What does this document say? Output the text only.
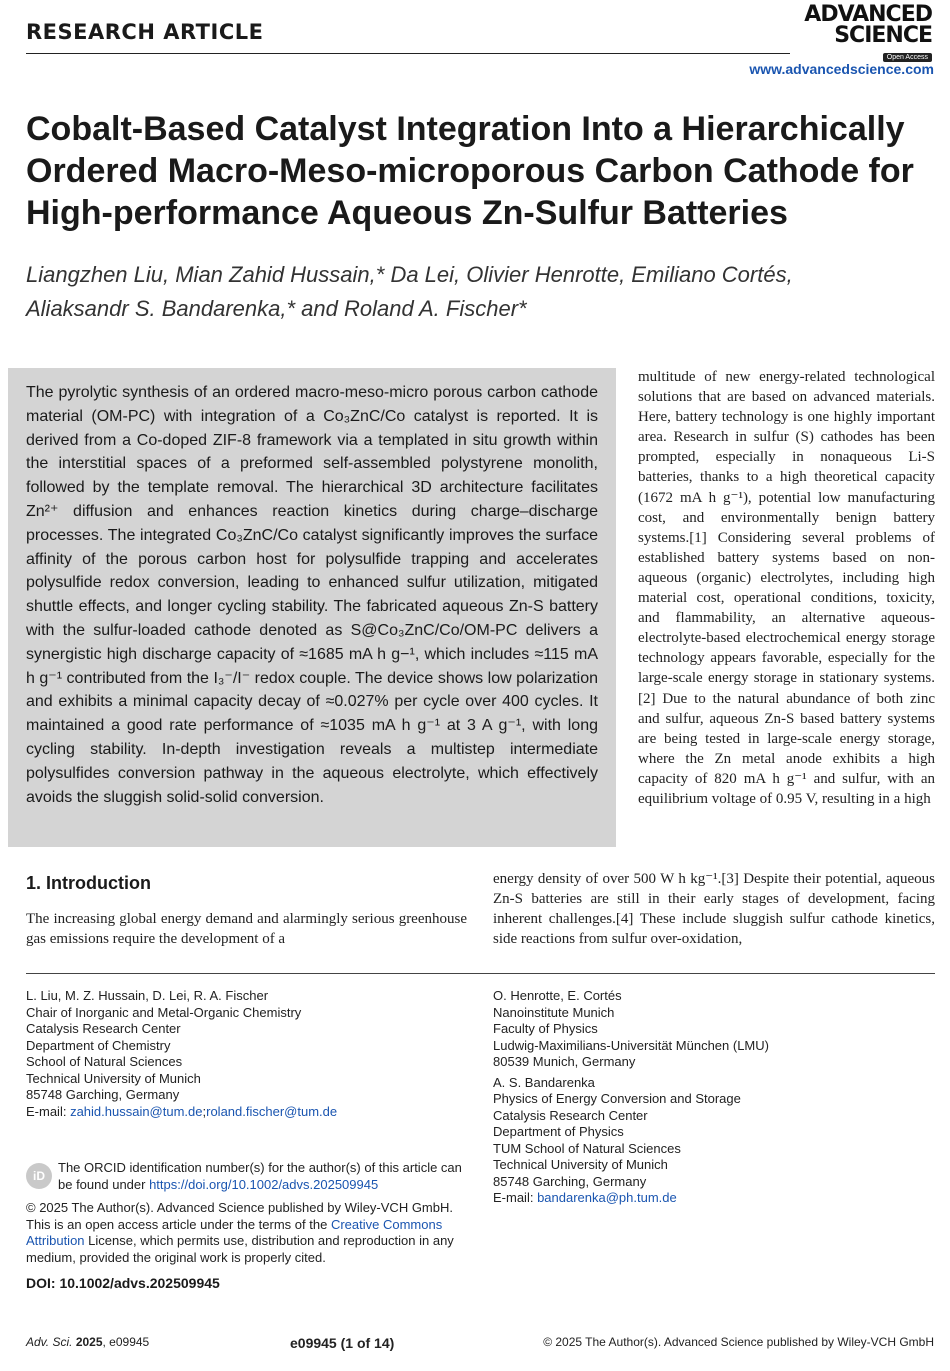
RESEARCH ARTICLE
ADVANCED
SCIENCE
Open Access
www.advancedscience.com
Cobalt-Based Catalyst Integration Into a Hierarchically
Ordered Macro-Meso-microporous Carbon Cathode for
High-performance Aqueous Zn-Sulfur Batteries
Liangzhen Liu, Mian Zahid Hussain,* Da Lei, Olivier Henrotte, Emiliano Cortés,
Aliaksandr S. Bandarenka,* and Roland A. Fischer*

The pyrolytic synthesis of an ordered macro-meso-micro porous carbon cathode material (OM-PC) with integration of a Co₃ZnC/Co catalyst is reported. It is derived from a Co-doped ZIF-8 framework via a templated in situ growth within the interstitial spaces of a preformed self-assembled polystyrene monolith, followed by the template removal. The hierarchical 3D architecture facilitates Zn²⁺ diffusion and enhances reaction kinetics during charge–discharge processes. The integrated Co₃ZnC/Co catalyst significantly improves the surface affinity of the porous carbon host for polysulfide trapping and accelerates polysulfide redox conversion, leading to enhanced sulfur utilization, mitigated shuttle effects, and longer cycling stability. The fabricated aqueous Zn-S battery with the sulfur-loaded cathode denoted as S@Co₃ZnC/Co/OM-PC delivers a synergistic high discharge capacity of ≈1685 mA h g−¹, which includes ≈115 mA h g⁻¹ contributed from the I₃⁻/I⁻ redox couple. The device shows low polarization and exhibits a minimal capacity decay of ≈0.027% per cycle over 400 cycles. It maintained a good rate performance of ≈1035 mA h g⁻¹ at 3 A g⁻¹, with long cycling stability. In-depth investigation reveals a multistep intermediate polysulfides conversion pathway in the aqueous electrolyte, which effectively avoids the sluggish solid-solid conversion.

multitude of new energy-related technological solutions that are based on advanced materials. Here, battery technology is one highly important area. Research in sulfur (S) cathodes has been prompted, especially in nonaqueous Li-S batteries, thanks to a high theoretical capacity (1672 mA h g⁻¹), potential low manufacturing cost, and environmentally benign battery systems.[1] Considering several problems of established battery systems based on non-aqueous (organic) electrolytes, including high material cost, operational conditions, toxicity, and flammability, an alternative aqueous-electrolyte-based electrochemical energy storage technology appears favorable, especially for the large-scale energy storage in stationary systems.[2] Due to the natural abundance of both zinc and sulfur, aqueous Zn-S based battery systems are being tested in large-scale energy storage, where the Zn metal anode exhibits a high capacity of 820 mA h g⁻¹ and sulfur, with an equilibrium voltage of 0.95 V, resulting in a high
energy density of over 500 W h kg⁻¹.[3] Despite their potential, aqueous Zn-S batteries are still in their early stages of development, facing inherent challenges.[4] These include sluggish sulfur cathode kinetics, side reactions from sulfur over-oxidation,
1. Introduction
The increasing global energy demand and alarmingly serious greenhouse gas emissions require the development of a
L. Liu, M. Z. Hussain, D. Lei, R. A. Fischer
Chair of Inorganic and Metal-Organic Chemistry
Catalysis Research Center
Department of Chemistry
School of Natural Sciences
Technical University of Munich
85748 Garching, Germany
E-mail: zahid.hussain@tum.de;roland.fischer@tum.de
O. Henrotte, E. Cortés
Nanoinstitute Munich
Faculty of Physics
Ludwig-Maximilians-Universität München (LMU)
80539 Munich, Germany
A. S. Bandarenka
Physics of Energy Conversion and Storage
Catalysis Research Center
Department of Physics
TUM School of Natural Sciences
Technical University of Munich
85748 Garching, Germany
E-mail: bandarenka@ph.tum.de
iD
The ORCID identification number(s) for the author(s) of this article can be found under https://doi.org/10.1002/advs.202509945
© 2025 The Author(s). Advanced Science published by Wiley-VCH GmbH. This is an open access article under the terms of the Creative Commons Attribution License, which permits use, distribution and reproduction in any medium, provided the original work is properly cited.
DOI: 10.1002/advs.202509945
Adv. Sci. 2025, e09945	e09945 (1 of 14)	© 2025 The Author(s). Advanced Science published by Wiley-VCH GmbH
